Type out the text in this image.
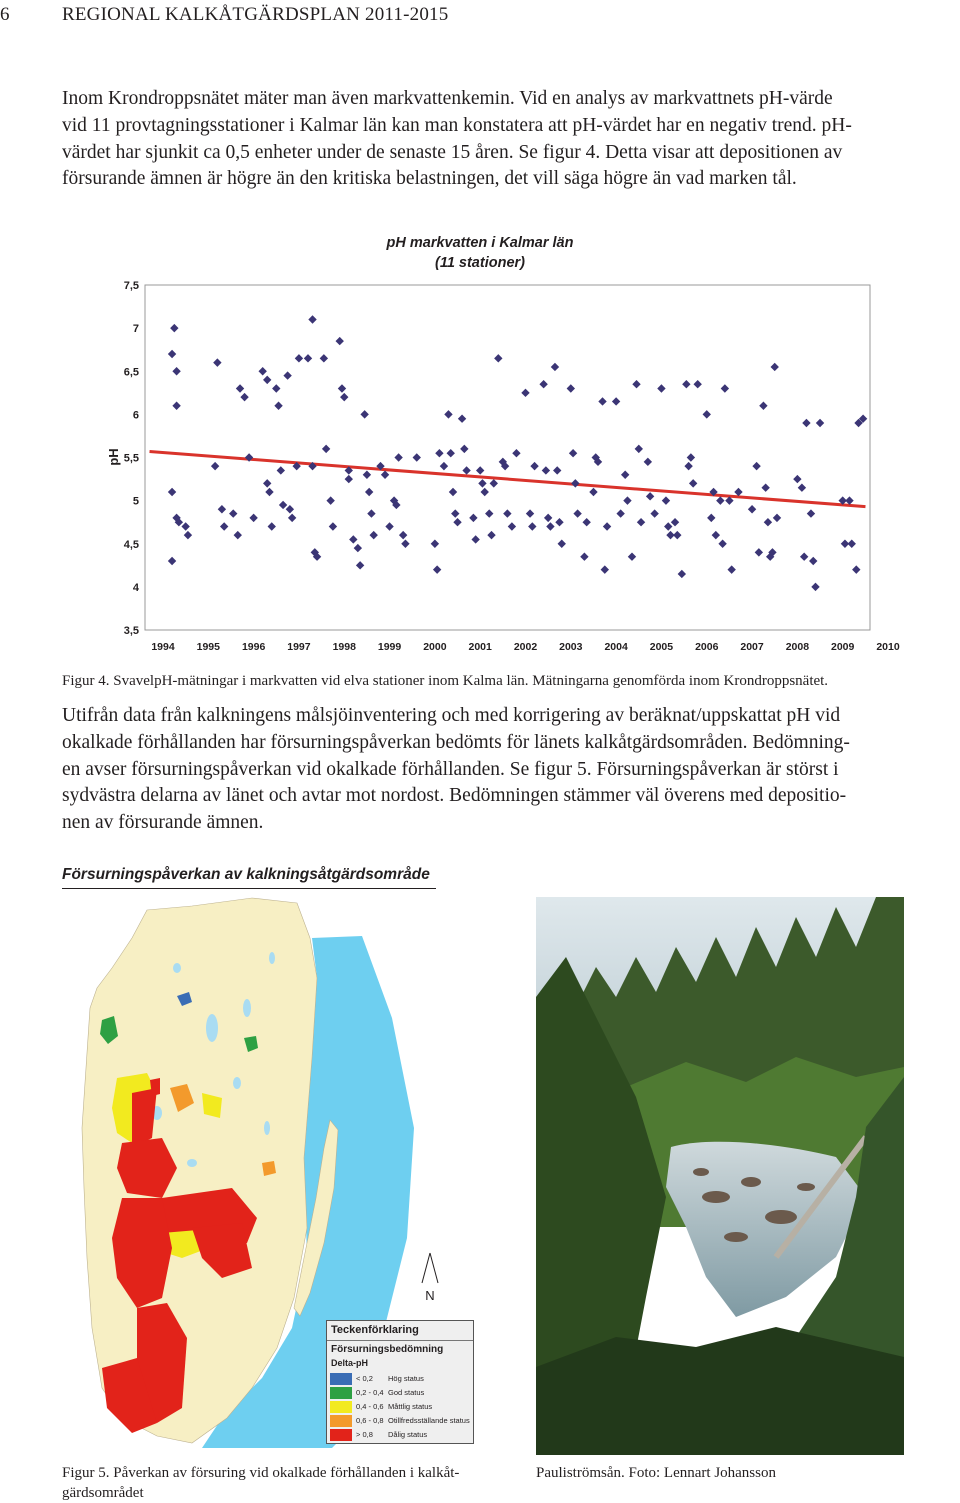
6	REGIONAL KALKÅTGÄRDSPLAN 2011-2015
Inom Krondroppsnätet mäter man även markvattenkemin. Vid en analys av markvattnets pH-värde
vid 11 provtagningsstationer i Kalmar län kan man konstatera att pH-värdet har en negativ trend. pH-
värdet har sjunkit ca 0,5 enheter under de senaste 15 åren. Se figur 4. Detta visar att depositionen av
försurande ämnen är högre än den kritiska belastningen, det vill säga högre än vad marken tål.
pH markvatten i Kalmar län
(11 stationer)
pH
3,5
4
4,5
5
5,5
6
6,5
7
7,5
1994 1995 1996 1997 1998 1999 2000 2001 2002 2003 2004 2005 2006 2007 2008 2009 2010
Figur 4. SvavelpH-mätningar i markvatten vid elva stationer inom Kalma län. Mätningarna genomförda inom Krondroppsnätet.
Utifrån data från kalkningens målsjöinventering och med korrigering av beräknat/uppskattat pH vid
okalkade förhållanden har försurningspåverkan bedömts för länets kalkåtgärdsområden. Bedömning-
en avser försurningspåverkan vid okalkade förhållanden. Se figur 5. Försurningspåverkan är störst i
sydvästra delarna av länet och avtar mot nordost. Bedömningen stämmer väl överens med depositio-
nen av försurande ämnen.
Försurningspåverkan av kalkningsåtgärdsområde
N
Teckenförklaring
Försurningsbedömning
Delta-pH
< 0,2 Hög status
0,2 - 0,4 God status
0,4 - 0,6 Måttlig status
0,6 - 0,8 Otillfredsställande status
> 0,8 Dålig status
Figur 5. Påverkan av försuring vid okalkade förhållanden i kalkåt-
gärdsområdet
Pauliströmsån. Foto: Lennart Johansson
